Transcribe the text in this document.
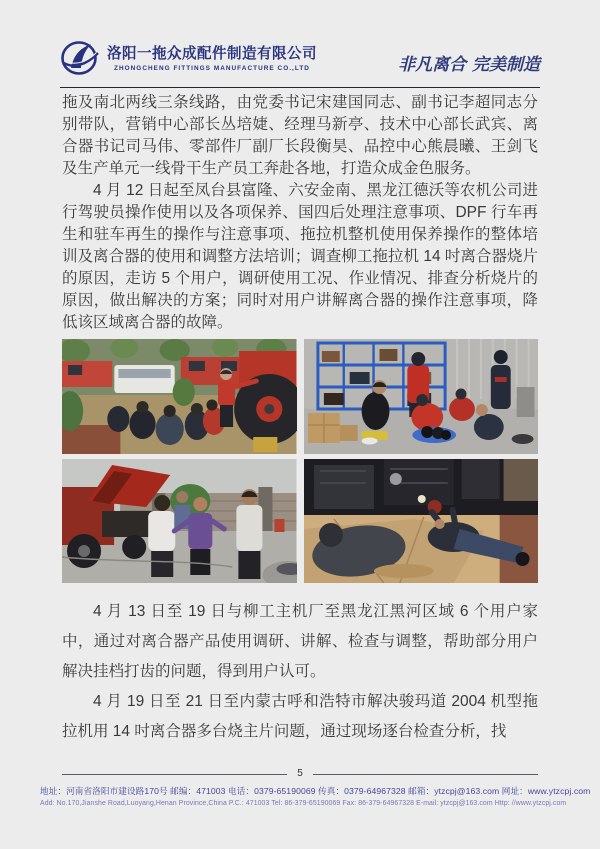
洛阳一拖众成配件制造有限公司
ZHONGCHENG FITTINGS MANUFACTURE CO.,LTD	非凡离合 完美制造

拖及南北两线三条线路，由党委书记宋建国同志、副书记李超同志分别带队，营销中心部长丛培婕、经理马新亭、技术中心部长武宾、离合器书记司马伟、零部件厂副厂长段衡昊、品控中心熊晨曦、王剑飞及生产单元一线骨干生产员工奔赴各地，打造众成金色服务。

4 月 12 日起至凤台县富隆、六安金南、黑龙江德沃等农机公司进行驾驶员操作使用以及各项保养、国四后处理注意事项、DPF 行车再生和驻车再生的操作与注意事项、拖拉机整机使用保养操作的整体培训及离合器的使用和调整方法培训；调查柳工拖拉机 14 吋离合器烧片的原因，走访 5 个用户，调研使用工况、作业情况、排查分析烧片的原因，做出解决的方案；同时对用户讲解离合器的操作注意事项，降低该区域离合器的故障。

4 月 13 日至 19 日与柳工主机厂至黑龙江黑河区域 6 个用户家中，通过对离合器产品使用调研、讲解、检查与调整，帮助部分用户解决挂档打齿的问题，得到用户认可。

4 月 19 日至 21 日至内蒙古呼和浩特市解决骏玛道 2004 机型拖拉机用 14 吋离合器多台烧主片问题，通过现场逐台检查分析，找

5
地址：河南省洛阳市建设路170号 邮编：471003 电话：0379-65190069 传真：0379-64967328 邮箱：ytzcpj@163.com 网址：www.ytzcpj.com
Add: No.170,Jianshe Road,Luoyang,Henan Province,China P.C.: 471003 Tel: 86-379-65190069 Fax: 86-379-64967328 E-mail: ytzcpj@163.com Http: //www.ytzcpj.com
